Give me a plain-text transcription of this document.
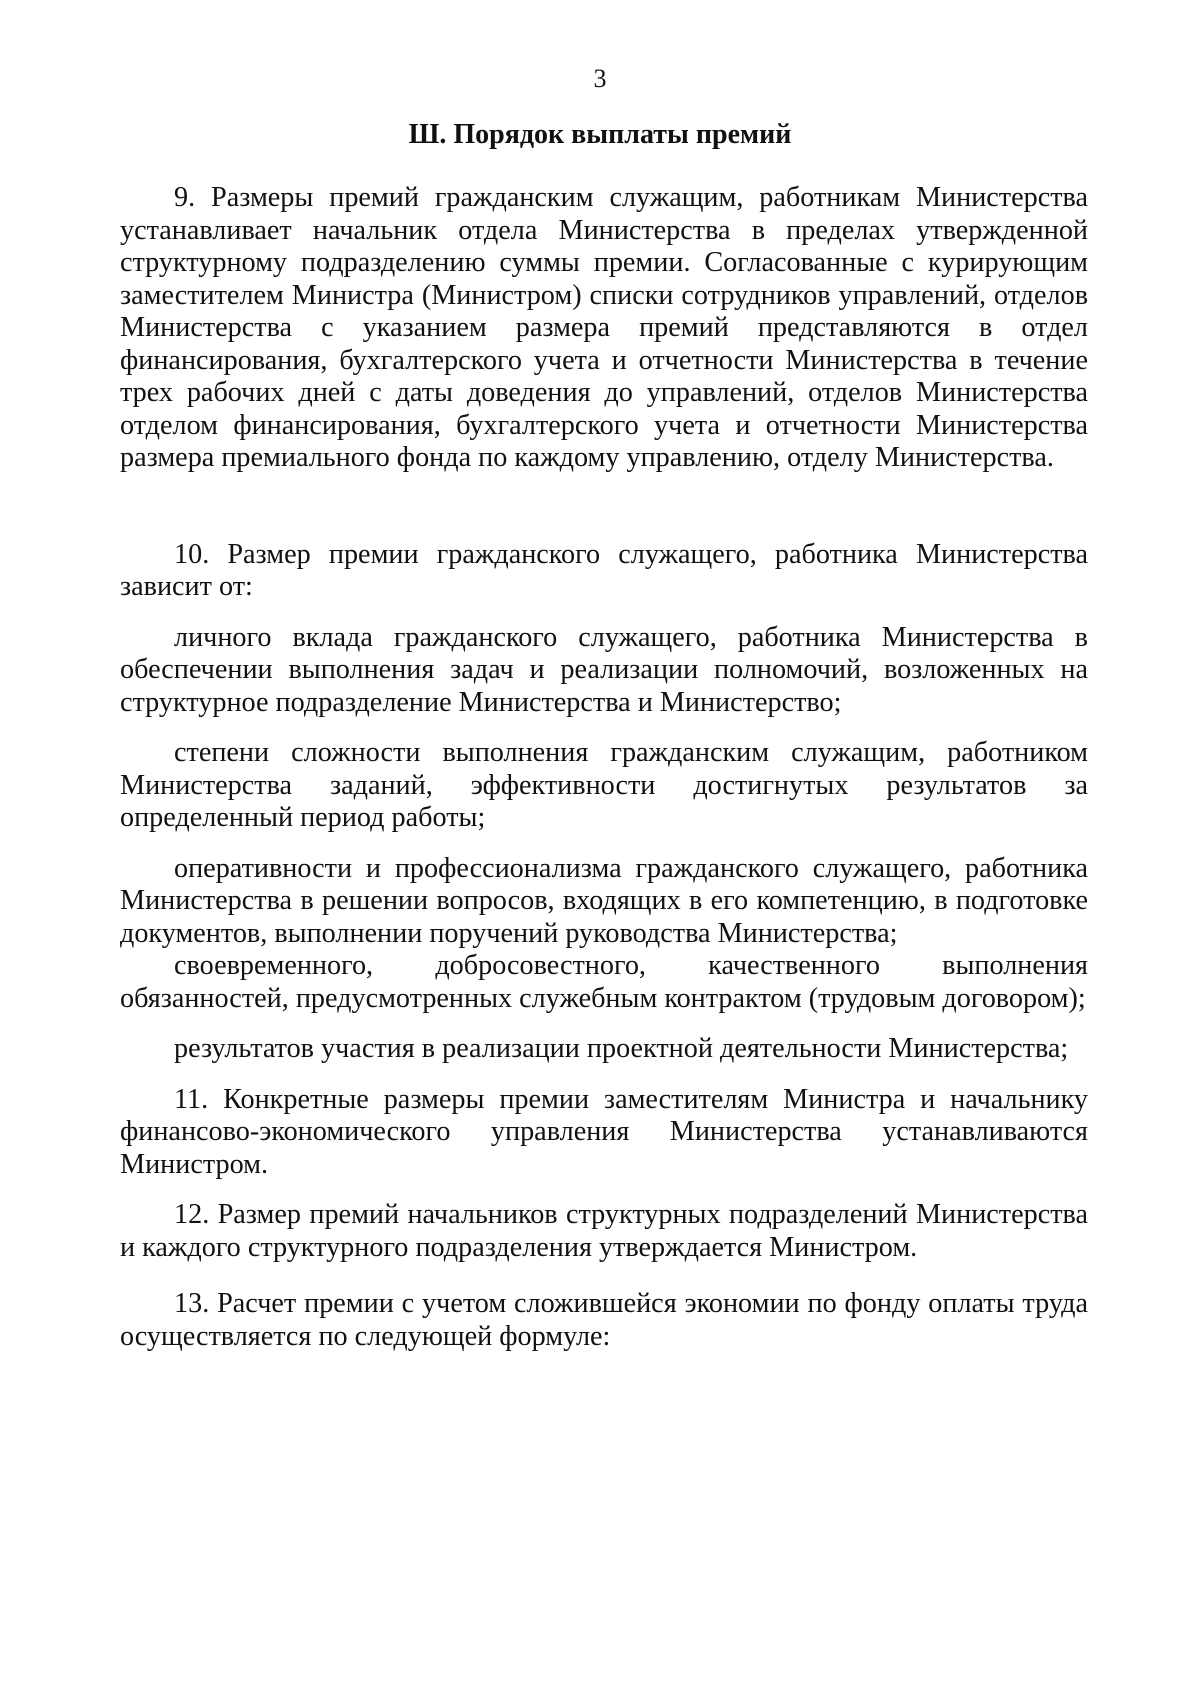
3
Ш. Порядок выплаты премий

9. Размеры премий гражданским служащим, работникам Министерства устанавливает начальник отдела Министерства в пределах утвержденной структурному подразделению суммы премии. Согласованные с курирующим заместителем Министра (Министром) списки сотрудников управлений, отделов Министерства с указанием размера премий представляются в отдел финансирования, бухгалтерского учета и отчетности Министерства в течение трех рабочих дней с даты доведения до управлений, отделов Министерства отделом финансирования, бухгалтерского учета и отчетности Министерства размера премиального фонда по каждому управлению, отделу Министерства.

10. Размер премии гражданского служащего, работника Министерства зависит от:

личного вклада гражданского служащего, работника Министерства в обеспечении выполнения задач и реализации полномочий, возложенных на структурное подразделение Министерства и Министерство;

степени сложности выполнения гражданским служащим, работником Министерства заданий, эффективности достигнутых результатов за определенный период работы;

оперативности и профессионализма гражданского служащего, работника Министерства в решении вопросов, входящих в его компетенцию, в подготовке документов, выполнении поручений руководства Министерства;

своевременного, добросовестного, качественного выполнения обязанностей, предусмотренных служебным контрактом (трудовым договором);

результатов участия в реализации проектной деятельности Министерства;

11. Конкретные размеры премии заместителям Министра и начальнику финансово-экономического управления Министерства устанавливаются Министром.

12. Размер премий начальников структурных подразделений Министерства и каждого структурного подразделения утверждается Министром.

13. Расчет премии с учетом сложившейся экономии по фонду оплаты труда осуществляется по следующей формуле:
